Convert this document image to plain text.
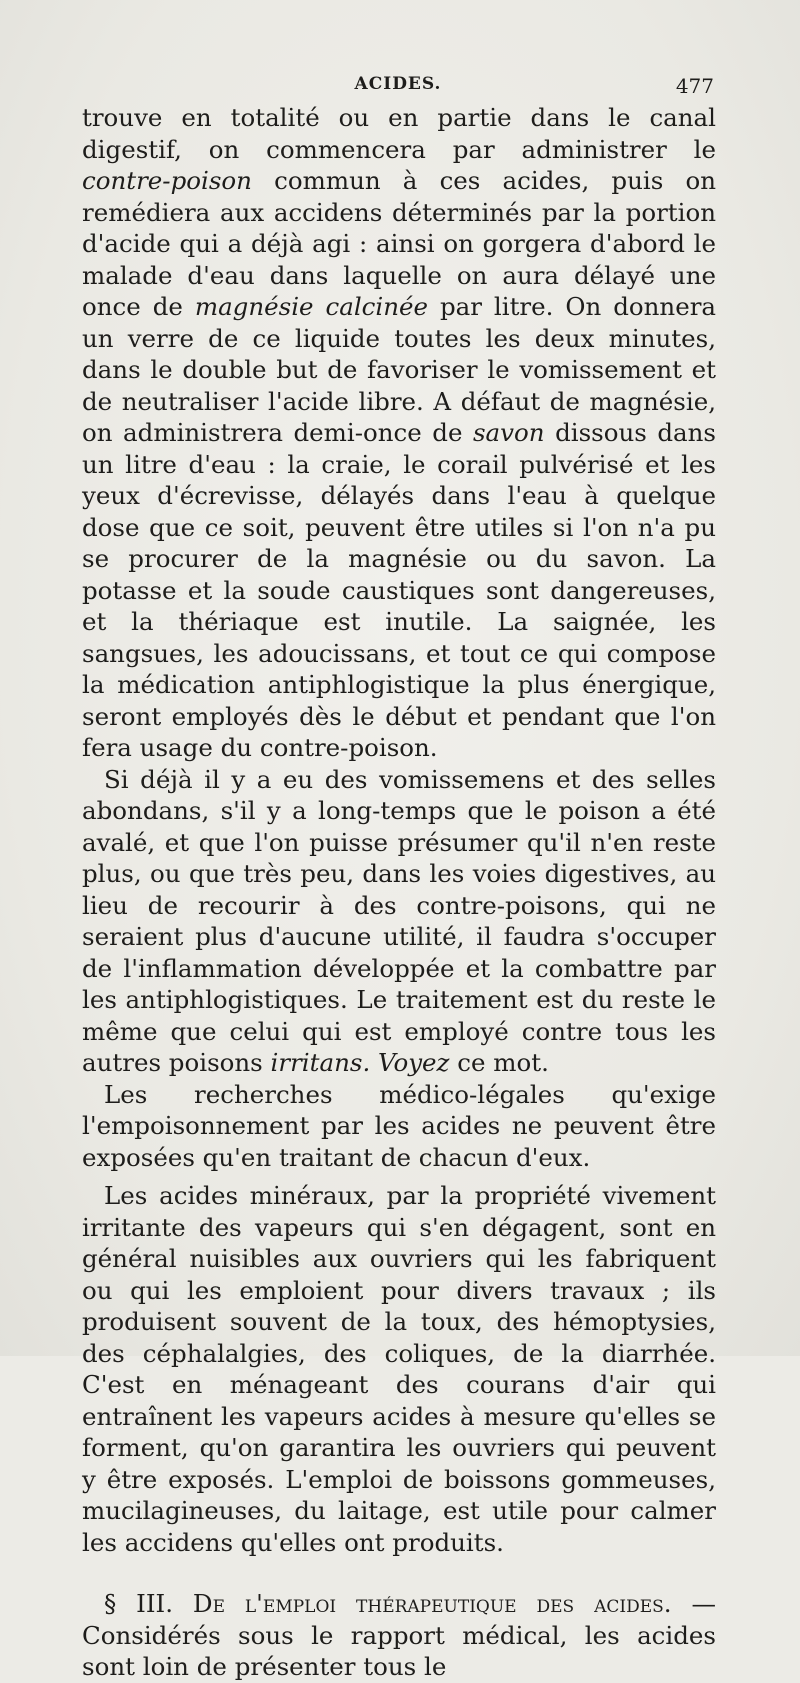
ACIDES.	477

trouve en totalité ou en partie dans le canal digestif, on commencera par administrer le contre-poison commun à ces acides, puis on remédiera aux accidens déterminés par la portion d'acide qui a déjà agi : ainsi on gorgera d'abord le malade d'eau dans laquelle on aura délayé une once de magnésie calcinée par litre. On donnera un verre de ce liquide toutes les deux minutes, dans le double but de favoriser le vomissement et de neutraliser l'acide libre. A défaut de magnésie, on administrera demi-once de savon dissous dans un litre d'eau : la craie, le corail pulvérisé et les yeux d'écrevisse, délayés dans l'eau à quelque dose que ce soit, peuvent être utiles si l'on n'a pu se procurer de la magnésie ou du savon. La potasse et la soude caustiques sont dangereuses, et la thériaque est inutile. La saignée, les sangsues, les adoucissans, et tout ce qui compose la médication antiphlogistique la plus énergique, seront employés dès le début et pendant que l'on fera usage du contre-poison.

Si déjà il y a eu des vomissemens et des selles abondans, s'il y a long-temps que le poison a été avalé, et que l'on puisse présumer qu'il n'en reste plus, ou que très peu, dans les voies digestives, au lieu de recourir à des contre-poisons, qui ne seraient plus d'aucune utilité, il faudra s'occuper de l'inflammation développée et la combattre par les antiphlogistiques. Le traitement est du reste le même que celui qui est employé contre tous les autres poisons irritans. Voyez ce mot.

Les recherches médico-légales qu'exige l'empoisonnement par les acides ne peuvent être exposées qu'en traitant de chacun d'eux.

Les acides minéraux, par la propriété vivement irritante des vapeurs qui s'en dégagent, sont en général nuisibles aux ouvriers qui les fabriquent ou qui les emploient pour divers travaux ; ils produisent souvent de la toux, des hémoptysies, des céphalalgies, des coliques, de la diarrhée. C'est en ménageant des courans d'air qui entraînent les vapeurs acides à mesure qu'elles se forment, qu'on garantira les ouvriers qui peuvent y être exposés. L'emploi de boissons gommeuses, mucilagineuses, du laitage, est utile pour calmer les accidens qu'elles ont produits.

§ III. De l'emploi thérapeutique des acides. — Considérés sous le rapport médical, les acides sont loin de présenter tous le
